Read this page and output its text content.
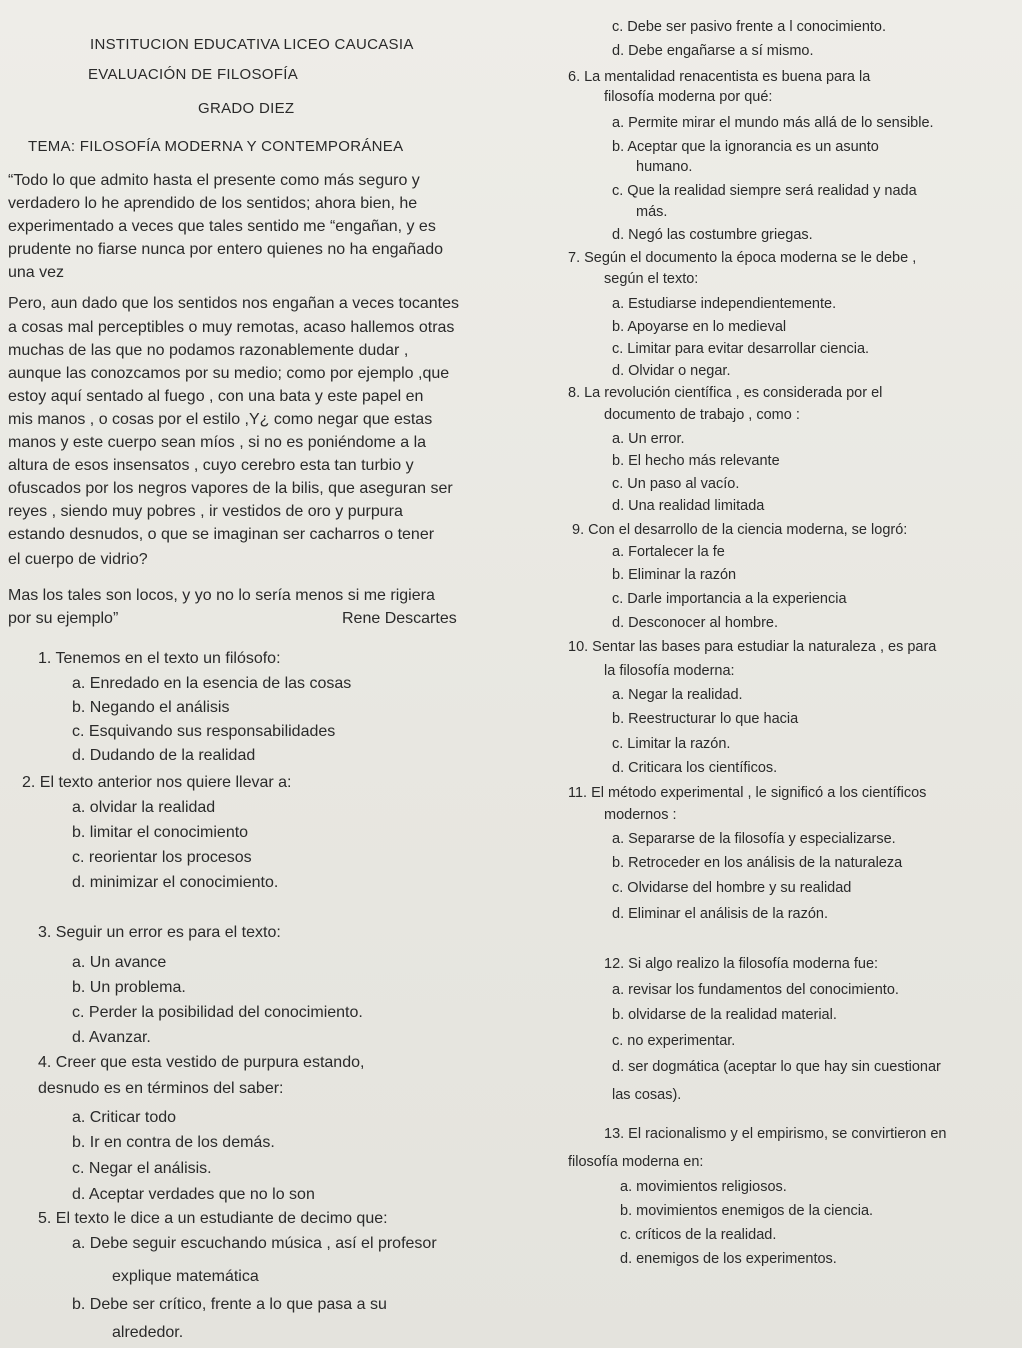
INSTITUCION EDUCATIVA LICEO CAUCASIA
EVALUACIÓN DE FILOSOFÍA
GRADO DIEZ
TEMA: FILOSOFÍA MODERNA Y CONTEMPORÁNEA
“Todo lo que admito hasta el presente como más seguro y
verdadero lo he aprendido de los sentidos; ahora bien, he
experimentado a veces que tales sentido me “engañan, y es
prudente no fiarse nunca por entero quienes no ha engañado
una vez
Pero, aun dado que los sentidos nos engañan a veces tocantes
a cosas mal perceptibles o muy remotas, acaso hallemos otras
muchas de las que no podamos razonablemente dudar ,
aunque las conozcamos por su medio; como por ejemplo ,que
estoy aquí sentado al fuego , con una bata y este papel en
mis manos , o cosas por el estilo ,Y¿ como negar que estas
manos y este cuerpo sean míos , si no es poniéndome a la
altura de esos insensatos , cuyo cerebro esta tan turbio y
ofuscados por los negros vapores de la bilis, que aseguran ser
reyes , siendo muy pobres , ir vestidos de oro y purpura
estando desnudos, o que se imaginan ser cacharros o tener
el cuerpo de vidrio?
Mas los tales son locos, y yo no lo sería menos si me rigiera
por su ejemplo”	Rene Descartes
1. Tenemos en el texto un filósofo:
a. Enredado en la esencia de las cosas
b. Negando el análisis
c. Esquivando sus responsabilidades
d. Dudando de la realidad
2. El texto anterior nos quiere llevar a:
a. olvidar la realidad
b. limitar el conocimiento
c. reorientar los procesos
d. minimizar el conocimiento.
3. Seguir un error es para el texto:
a. Un avance
b. Un problema.
c. Perder la posibilidad del conocimiento.
d. Avanzar.
4. Creer que esta vestido de purpura estando,
desnudo es en términos del saber:
a. Criticar todo
b. Ir en contra de los demás.
c. Negar el análisis.
d. Aceptar verdades que no lo son
5. El texto le dice a un estudiante de decimo que:
a. Debe seguir escuchando música , así el profesor
explique matemática
b. Debe ser crítico, frente a lo que pasa a su
alrededor.
c. Debe ser pasivo frente a l conocimiento.
d. Debe engañarse a sí mismo.
6. La mentalidad renacentista es buena para la
filosofía moderna por qué:
a. Permite mirar el mundo más allá de lo sensible.
b. Aceptar que la ignorancia es un asunto
humano.
c. Que la realidad siempre será realidad y nada
más.
d. Negó las costumbre griegas.
7. Según el documento la época moderna se le debe ,
según el texto:
a. Estudiarse independientemente.
b. Apoyarse en lo medieval
c. Limitar para evitar desarrollar ciencia.
d. Olvidar o negar.
8. La revolución científica , es considerada por el
documento de trabajo , como :
a. Un error.
b. El hecho más relevante
c. Un paso al vacío.
d. Una realidad limitada
9. Con el desarrollo de la ciencia moderna, se logró:
a. Fortalecer la fe
b. Eliminar la razón
c. Darle importancia a la experiencia
d. Desconocer al hombre.
10. Sentar las bases para estudiar la naturaleza , es para
la filosofía moderna:
a. Negar la realidad.
b. Reestructurar lo que hacia
c. Limitar la razón.
d. Criticara los científicos.
11. El método experimental , le significó a los científicos
modernos :
a. Separarse de la filosofía y especializarse.
b. Retroceder en los análisis de la naturaleza
c. Olvidarse del hombre y su realidad
d. Eliminar el análisis de la razón.
12. Si algo realizo la filosofía moderna fue:
a. revisar los fundamentos del conocimiento.
b. olvidarse de la realidad material.
c. no experimentar.
d. ser dogmática (aceptar lo que hay sin cuestionar
las cosas).
13. El racionalismo y el empirismo, se convirtieron en
filosofía moderna en:
a. movimientos religiosos.
b. movimientos enemigos de la ciencia.
c. críticos de la realidad.
d. enemigos de los experimentos.
